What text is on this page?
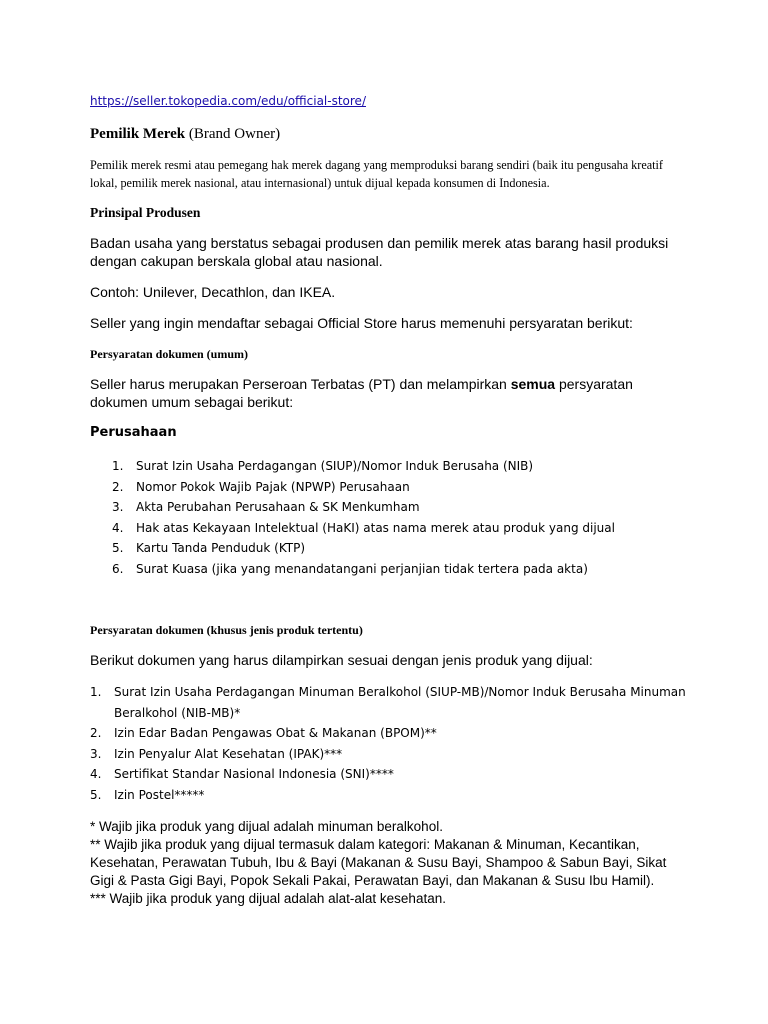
https://seller.tokopedia.com/edu/official-store/
Pemilik Merek (Brand Owner)
Pemilik merek resmi atau pemegang hak merek dagang yang memproduksi barang sendiri (baik itu pengusaha kreatif lokal, pemilik merek nasional, atau internasional) untuk dijual kepada konsumen di Indonesia.
Prinsipal Produsen
Badan usaha yang berstatus sebagai produsen dan pemilik merek atas barang hasil produksi dengan cakupan berskala global atau nasional.
Contoh: Unilever, Decathlon, dan IKEA.
Seller yang ingin mendaftar sebagai Official Store harus memenuhi persyaratan berikut:
Persyaratan dokumen (umum)
Seller harus merupakan Perseroan Terbatas (PT) dan melampirkan semua persyaratan dokumen umum sebagai berikut:
Perusahaan
1. Surat Izin Usaha Perdagangan (SIUP)/Nomor Induk Berusaha (NIB)
2. Nomor Pokok Wajib Pajak (NPWP) Perusahaan
3. Akta Perubahan Perusahaan & SK Menkumham
4. Hak atas Kekayaan Intelektual (HaKI) atas nama merek atau produk yang dijual
5. Kartu Tanda Penduduk (KTP)
6. Surat Kuasa (jika yang menandatangani perjanjian tidak tertera pada akta)
Persyaratan dokumen (khusus jenis produk tertentu)
Berikut dokumen yang harus dilampirkan sesuai dengan jenis produk yang dijual:
1. Surat Izin Usaha Perdagangan Minuman Beralkohol (SIUP-MB)/Nomor Induk Berusaha Minuman Beralkohol (NIB-MB)*
2. Izin Edar Badan Pengawas Obat & Makanan (BPOM)**
3. Izin Penyalur Alat Kesehatan (IPAK)***
4. Sertifikat Standar Nasional Indonesia (SNI)****
5. Izin Postel*****
* Wajib jika produk yang dijual adalah minuman beralkohol.
** Wajib jika produk yang dijual termasuk dalam kategori: Makanan & Minuman, Kecantikan, Kesehatan, Perawatan Tubuh, Ibu & Bayi (Makanan & Susu Bayi, Shampoo & Sabun Bayi, Sikat Gigi & Pasta Gigi Bayi, Popok Sekali Pakai, Perawatan Bayi, dan Makanan & Susu Ibu Hamil).
*** Wajib jika produk yang dijual adalah alat-alat kesehatan.
